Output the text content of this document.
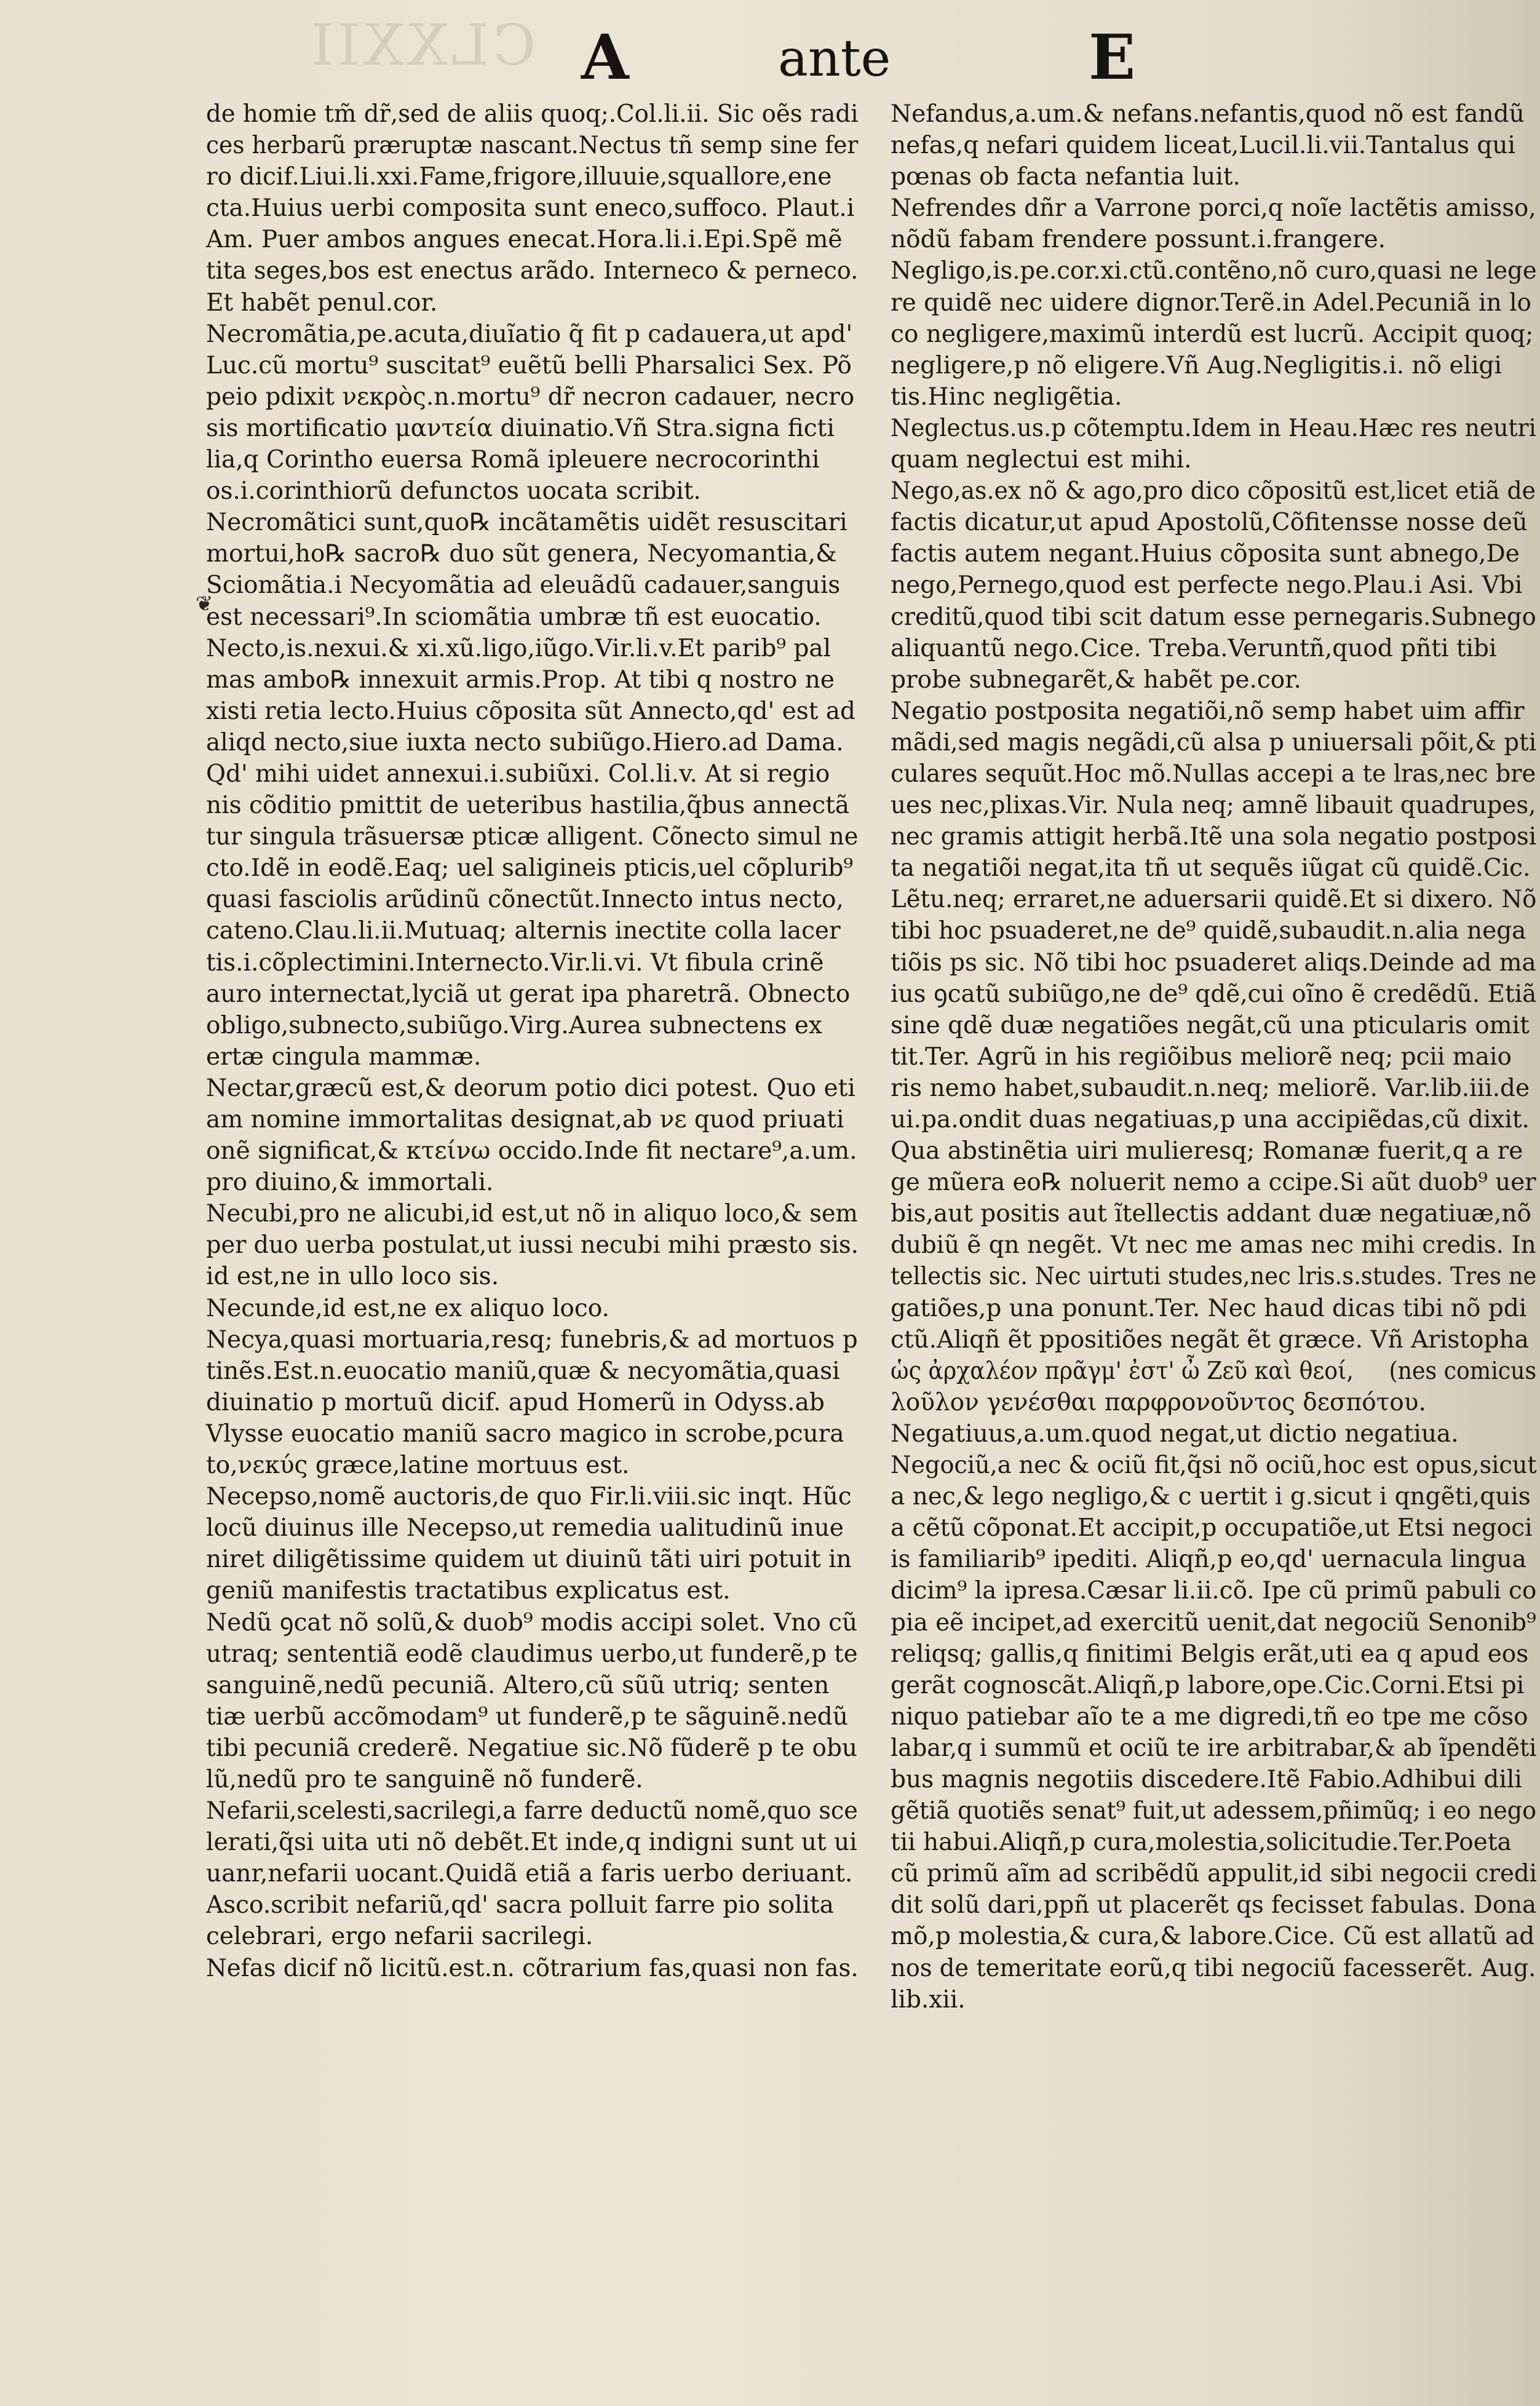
CLXXII A	ante	E
❦
de homie tm̃ dr̃,sed de aliis quoq;.Col.li.ii. Sic oẽs radi
ces herbarũ præruptæ nascant.Nectus tñ semp sine fer
ro dicif.Liui.li.xxi.Fame,frigore,illuuie,squallore,ene
cta.Huius uerbi composita sunt eneco,suffoco. Plaut.i
Am. Puer ambos angues enecat.Hora.li.i.Epi.Spẽ mẽ
tita seges,bos est enectus arãdo. Interneco & perneco.
Et habẽt penul.cor.
Necromãtia,pe.acuta,diuĩatio q̃ fit p cadauera,ut apd'
Luc.cũ mortu⁹ suscitat⁹ euẽtũ belli Pharsalici Sex. Põ
peio pdixit νεκρὸς.n.mortu⁹ dr̃ necron cadauer, necro
sis mortificatio μαντεία diuinatio.Vñ Stra.signa ficti
lia,q Corintho euersa Romã ipleuere necrocorinthi
os.i.corinthiorũ defunctos uocata scribit.
Necromãtici sunt,quo℞ incãtamẽtis uidẽt resuscitari
mortui,ho℞ sacro℞ duo sũt genera, Necyomantia,&
Sciomãtia.i Necyomãtia ad eleuãdũ cadauer,sanguis
est necessari⁹.In sciomãtia umbræ tñ est euocatio.
Necto,is.nexui.& xi.xũ.ligo,iũgo.Vir.li.v.Et parib⁹ pal
mas ambo℞ innexuit armis.Prop. At tibi q nostro ne
xisti retia lecto.Huius cõposita sũt Annecto,qd' est ad
aliqd necto,siue iuxta necto subiũgo.Hiero.ad Dama.
Qd' mihi uidet annexui.i.subiũxi. Col.li.v. At si regio
nis cõditio pmittit de ueteribus hastilia,q̃bus annectã
tur singula trãsuersæ pticæ alligent. Cõnecto simul ne
cto.Idẽ in eodẽ.Eaq; uel saligineis pticis,uel cõplurib⁹
quasi fasciolis arũdinũ cõnectũt.Innecto intus necto,
cateno.Clau.li.ii.Mutuaq; alternis inectite colla lacer
tis.i.cõplectimini.Internecto.Vir.li.vi. Vt fibula crinẽ
auro internectat,lyciã ut gerat ipa pharetrã. Obnecto
obligo,subnecto,subiũgo.Virg.Aurea subnectens ex
ertæ cingula mammæ.
Nectar,græcũ est,& deorum potio dici potest. Quo eti
am nomine immortalitas designat,ab νε quod priuati
onẽ significat,& κτείνω occido.Inde fit nectare⁹,a.um.
pro diuino,& immortali.
Necubi,pro ne alicubi,id est,ut nõ in aliquo loco,& sem
per duo uerba postulat,ut iussi necubi mihi præsto sis.
id est,ne in ullo loco sis.
Necunde,id est,ne ex aliquo loco.
Necya,quasi mortuaria,resq; funebris,& ad mortuos p
tinẽs.Est.n.euocatio maniũ,quæ & necyomãtia,quasi
diuinatio p mortuũ dicif. apud Homerũ in Odyss.ab
Vlysse euocatio maniũ sacro magico in scrobe,pcura
to,νεκύς græce,latine mortuus est.
Necepso,nomẽ auctoris,de quo Fir.li.viii.sic inqt. Hũc
locũ diuinus ille Necepso,ut remedia ualitudinũ inue
niret diligẽtissime quidem ut diuinũ tãti uiri potuit in
geniũ manifestis tractatibus explicatus est.
Nedũ ꝯcat nõ solũ,& duob⁹ modis accipi solet. Vno cũ
utraq; sententiã eodẽ claudimus uerbo,ut funderẽ,p te
sanguinẽ,nedũ pecuniã. Altero,cũ sũũ utriq; senten
tiæ uerbũ accõmodam⁹ ut funderẽ,p te sãguinẽ.nedũ
tibi pecuniã crederẽ. Negatiue sic.Nõ fũderẽ p te obu
lũ,nedũ pro te sanguinẽ nõ funderẽ.
Nefarii,scelesti,sacrilegi,a farre deductũ nomẽ,quo sce
lerati,q̃si uita uti nõ debẽt.Et inde,q indigni sunt ut ui
uanr,nefarii uocant.Quidã etiã a faris uerbo deriuant.
Asco.scribit nefariũ,qd' sacra polluit farre pio solita
celebrari, ergo nefarii sacrilegi.
Nefas dicif nõ licitũ.est.n. cõtrarium fas,quasi non fas.
Nefandus,a.um.& nefans.nefantis,quod nõ est fandũ
nefas,q nefari quidem liceat,Lucil.li.vii.Tantalus qui
pœnas ob facta nefantia luit.
Nefrendes dñr a Varrone porci,q noĩe lactẽtis amisso,
nõdũ fabam frendere possunt.i.frangere.
Negligo,is.pe.cor.xi.ctũ.contẽno,nõ curo,quasi ne lege
re quidẽ nec uidere dignor.Terẽ.in Adel.Pecuniã in lo
co negligere,maximũ interdũ est lucrũ. Accipit quoq;
negligere,p nõ eligere.Vñ Aug.Negligitis.i. nõ eligi
tis.Hinc negligẽtia.
Neglectus.us.p cõtemptu.Idem in Heau.Hæc res neutri
quam neglectui est mihi.
Nego,as.ex nõ & ago,pro dico cõpositũ est,licet etiã de
factis dicatur,ut apud Apostolũ,Cõfitensse nosse deũ
factis autem negant.Huius cõposita sunt abnego,De
nego,Pernego,quod est perfecte nego.Plau.i Asi. Vbi
creditũ,quod tibi scit datum esse pernegaris.Subnego
aliquantũ nego.Cice. Treba.Veruntñ,quod pñti tibi
probe subnegarẽt,& habẽt pe.cor.
Negatio postposita negatiõi,nõ semp habet uim affir
mãdi,sed magis negãdi,cũ alsa p uniuersali põit,& pti
culares sequũt.Hoc mõ.Nullas accepi a te lras,nec bre
ues nec,plixas.Vir. Nula neq; amnẽ libauit quadrupes,
nec gramis attigit herbã.Itẽ una sola negatio postposi
ta negatiõi negat,ita tñ ut sequẽs iũgat cũ quidẽ.Cic.
Lẽtu.neq; erraret,ne aduersarii quidẽ.Et si dixero. Nõ
tibi hoc psuaderet,ne de⁹ quidẽ,subaudit.n.alia nega
tiõis ps sic. Nõ tibi hoc psuaderet aliqs.Deinde ad ma
ius ꝯcatũ subiũgo,ne de⁹ qdẽ,cui oĩno ẽ credẽdũ. Etiã
sine qdẽ duæ negatiões negãt,cũ una pticularis omit
tit.Ter. Agrũ in his regiõibus meliorẽ neq; pcii maio
ris nemo habet,subaudit.n.neq; meliorẽ. Var.lib.iii.de
ui.pa.ondit duas negatiuas,p una accipiẽdas,cũ dixit.
Qua abstinẽtia uiri mulieresq; Romanæ fuerit,q a re
ge mũera eo℞ noluerit nemo a ccipe.Si aũt duob⁹ uer
bis,aut positis aut ĩtellectis addant duæ negatiuæ,nõ
dubiũ ẽ qn negẽt. Vt nec me amas nec mihi credis. In
tellectis sic. Nec uirtuti studes,nec lris.s.studes. Tres ne
gatiões,p una ponunt.Ter. Nec haud dicas tibi nõ pdi
ctũ.Aliqñ ẽt ppositiões negãt ẽt græce. Vñ Aristopha
ὡς ἀρχαλέον πρᾶγμ' ἐστ' ὦ Ζεῦ καὶ θεοί,     (nes comicus
λοῦλον γενέσθαι παρφρονοῦντος δεσπότου.
Negatiuus,a.um.quod negat,ut dictio negatiua.
Negociũ,a nec & ociũ fit,q̃si nõ ociũ,hoc est opus,sicut
a nec,& lego negligo,& c uertit i g.sicut i qngẽti,quis
a cẽtũ cõponat.Et accipit,p occupatiõe,ut Etsi negoci
is familiarib⁹ ipediti. Aliqñ,p eo,qd' uernacula lingua
dicim⁹ la ipresa.Cæsar li.ii.cõ. Ipe cũ primũ pabuli co
pia eẽ incipet,ad exercitũ uenit,dat negociũ Senonib⁹
reliqsq; gallis,q finitimi Belgis erãt,uti ea q apud eos
gerãt cognoscãt.Aliqñ,p labore,ope.Cic.Corni.Etsi pi
niquo patiebar aĩo te a me digredi,tñ eo tpe me cõso
labar,q i summũ et ociũ te ire arbitrabar,& ab ĩpendẽti
bus magnis negotiis discedere.Itẽ Fabio.Adhibui dili
gẽtiã quotiẽs senat⁹ fuit,ut adessem,pñimũq; i eo nego
tii habui.Aliqñ,p cura,molestia,solicitudie.Ter.Poeta
cũ primũ aĩm ad scribẽdũ appulit,id sibi negocii credi
dit solũ dari,ppñ ut placerẽt qs fecisset fabulas. Dona
mõ,p molestia,& cura,& labore.Cice. Cũ est allatũ ad
nos de temeritate eorũ,q tibi negociũ facesserẽt. Aug.
lib.xii.
